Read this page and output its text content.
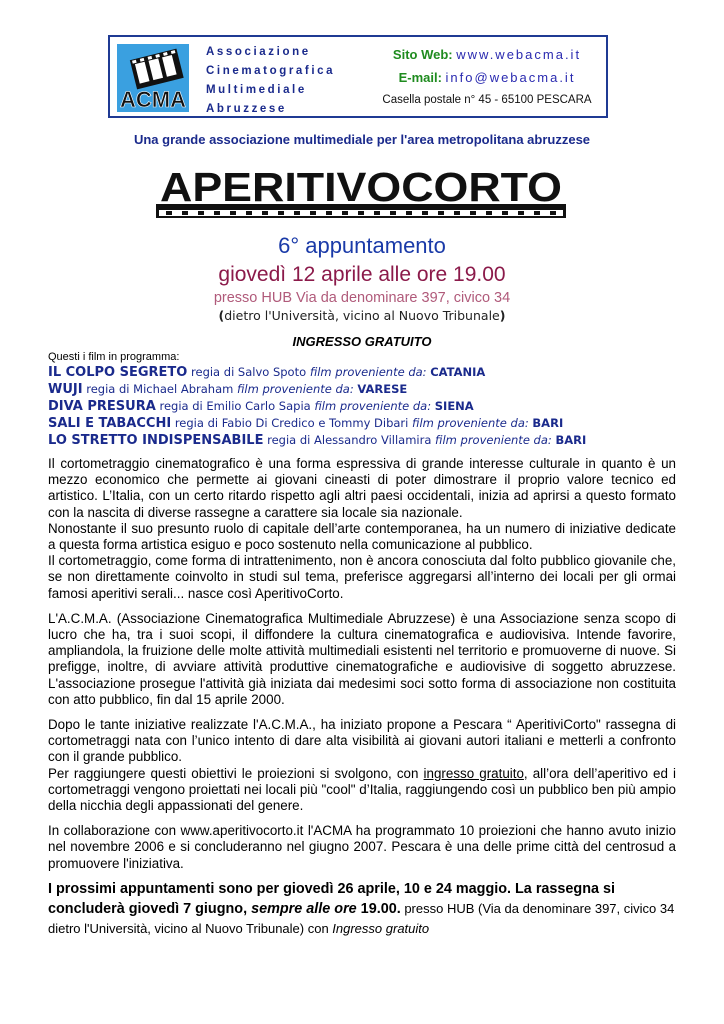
ACMA
Associazione
Cinematografica
Multimediale
Abruzzese
Sito Web: www.webacma.it
E-mail: info@webacma.it
Casella postale n° 45 - 65100 PESCARA
Una grande associazione multimediale per l'area metropolitana abruzzese
APERITIVOCORTO
6° appuntamento
giovedì 12 aprile alle ore 19.00
presso HUB Via da denominare 397, civico 34
(dietro l'Università, vicino al Nuovo Tribunale)
INGRESSO GRATUITO
Questi i film in programma:
IL COLPO SEGRETO regia di Salvo Spoto film proveniente da: CATANIA
WUJI regia di Michael Abraham film proveniente da: VARESE
DIVA PRESURA regia di Emilio Carlo Sapia film proveniente da: SIENA
SALI E TABACCHI regia di Fabio Di Credico e Tommy Dibari film proveniente da: BARI
LO STRETTO INDISPENSABILE regia di Alessandro Villamira film proveniente da: BARI

Il cortometraggio cinematografico è una forma espressiva di grande interesse culturale in quanto è un mezzo economico che permette ai giovani cineasti di poter dimostrare il proprio valore tecnico ed artistico. L’Italia, con un certo ritardo rispetto agli altri paesi occidentali, inizia ad aprirsi a questo formato con la nascita di diverse rassegne a carattere sia locale sia nazionale.

Nonostante il suo presunto ruolo di capitale dell’arte contemporanea, ha un numero di iniziative dedicate a questa forma artistica esiguo e poco sostenuto nella comunicazione al pubblico.

Il cortometraggio, come forma di intrattenimento, non è ancora conosciuta dal folto pubblico giovanile che, se non direttamente coinvolto in studi sul tema, preferisce aggregarsi all’interno dei locali per gli ormai famosi aperitivi serali... nasce così AperitivoCorto.

L'A.C.M.A. (Associazione Cinematografica Multimediale Abruzzese) è una Associazione senza scopo di lucro che ha, tra i suoi scopi, il diffondere la cultura cinematografica e audiovisiva. Intende favorire, ampliandola, la fruizione delle molte attività multimediali esistenti nel territorio e promuoverne di nuove. Si prefigge, inoltre, di avviare attività produttive cinematografiche e audiovisive di soggetto abruzzese. L'associazione prosegue l'attività già iniziata dai medesimi soci sotto forma di associazione non costituita con atto pubblico, fin dal 15 aprile 2000.

Dopo le tante iniziative realizzate l'A.C.M.A., ha iniziato propone a Pescara “ AperitiviCorto" rassegna di cortometraggi nata con l’unico intento di dare alta visibilità ai giovani autori italiani e metterli a confronto con il grande pubblico.

Per raggiungere questi obiettivi le proiezioni si svolgono, con ingresso gratuito, all’ora dell’aperitivo ed i cortometraggi vengono proiettati nei locali più "cool" d’Italia, raggiungendo così un pubblico ben più ampio della nicchia degli appassionati del genere.

In collaborazione con www.aperitivocorto.it l'ACMA ha programmato 10 proiezioni che hanno avuto inizio nel novembre 2006 e si concluderanno nel giugno 2007. Pescara è una delle prime città del centrosud a promuovere l'iniziativa.

I prossimi appuntamenti sono per giovedì 26 aprile, 10 e 24 maggio. La rassegna si concluderà giovedì 7 giugno, sempre alle ore 19.00. presso HUB (Via da denominare 397, civico 34 dietro l'Università, vicino al Nuovo Tribunale) con Ingresso gratuito
